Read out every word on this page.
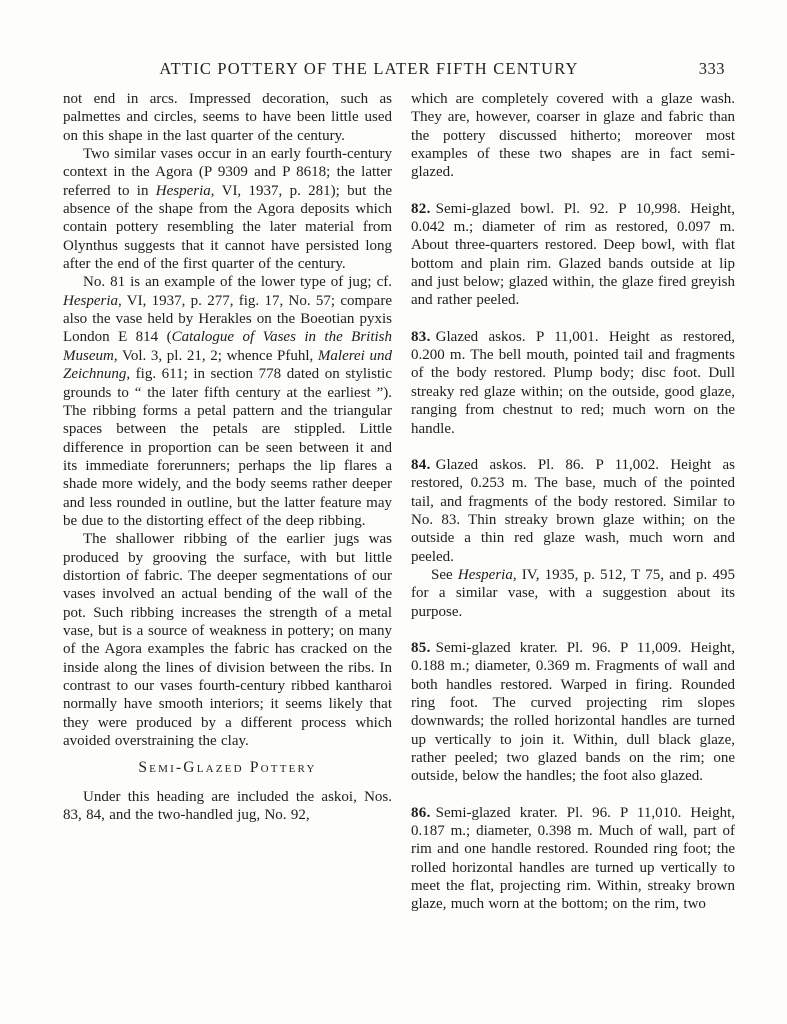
ATTIC POTTERY OF THE LATER FIFTH CENTURY	333

not end in arcs. Impressed decoration, such as palmettes and circles, seems to have been little used on this shape in the last quarter of the century.

Two similar vases occur in an early fourth-century context in the Agora (P 9309 and P 8618; the latter referred to in Hesperia, VI, 1937, p. 281); but the absence of the shape from the Agora deposits which contain pottery resembling the later material from Olynthus suggests that it cannot have persisted long after the end of the first quarter of the century.

No. 81 is an example of the lower type of jug; cf. Hesperia, VI, 1937, p. 277, fig. 17, No. 57; compare also the vase held by Herakles on the Boeotian pyxis London E 814 (Catalogue of Vases in the British Museum, Vol. 3, pl. 21, 2; whence Pfuhl, Malerei und Zeichnung, fig. 611; in section 778 dated on stylistic grounds to “ the later fifth century at the earliest ”). The ribbing forms a petal pattern and the triangular spaces between the petals are stippled. Little difference in proportion can be seen between it and its immediate forerunners; perhaps the lip flares a shade more widely, and the body seems rather deeper and less rounded in outline, but the latter feature may be due to the distorting effect of the deep ribbing.

The shallower ribbing of the earlier jugs was produced by grooving the surface, with but little distortion of fabric. The deeper segmentations of our vases involved an actual bending of the wall of the pot. Such ribbing increases the strength of a metal vase, but is a source of weakness in pottery; on many of the Agora examples the fabric has cracked on the inside along the lines of division between the ribs. In contrast to our vases fourth-century ribbed kantharoi normally have smooth interiors; it seems likely that they were produced by a different process which avoided overstraining the clay.

Semi-Glazed Pottery

Under this heading are included the askoi, Nos. 83, 84, and the two-handled jug, No. 92,

which are completely covered with a glaze wash. They are, however, coarser in glaze and fabric than the pottery discussed hitherto; moreover most examples of these two shapes are in fact semi-glazed.

82. Semi-glazed bowl. Pl. 92. P 10,998. Height, 0.042 m.; diameter of rim as restored, 0.097 m. About three-quarters restored. Deep bowl, with flat bottom and plain rim. Glazed bands outside at lip and just below; glazed within, the glaze fired greyish and rather peeled.

83. Glazed askos. P 11,001. Height as restored, 0.200 m. The bell mouth, pointed tail and fragments of the body restored. Plump body; disc foot. Dull streaky red glaze within; on the outside, good glaze, ranging from chestnut to red; much worn on the handle.

84. Glazed askos. Pl. 86. P 11,002. Height as restored, 0.253 m. The base, much of the pointed tail, and fragments of the body restored. Similar to No. 83. Thin streaky brown glaze within; on the outside a thin red glaze wash, much worn and peeled.

See Hesperia, IV, 1935, p. 512, T 75, and p. 495 for a similar vase, with a suggestion about its purpose.

85. Semi-glazed krater. Pl. 96. P 11,009. Height, 0.188 m.; diameter, 0.369 m. Fragments of wall and both handles restored. Warped in firing. Rounded ring foot. The curved projecting rim slopes downwards; the rolled horizontal handles are turned up vertically to join it. Within, dull black glaze, rather peeled; two glazed bands on the rim; one outside, below the handles; the foot also glazed.

86. Semi-glazed krater. Pl. 96. P 11,010. Height, 0.187 m.; diameter, 0.398 m. Much of wall, part of rim and one handle restored. Rounded ring foot; the rolled horizontal handles are turned up vertically to meet the flat, projecting rim. Within, streaky brown glaze, much worn at the bottom; on the rim, two
